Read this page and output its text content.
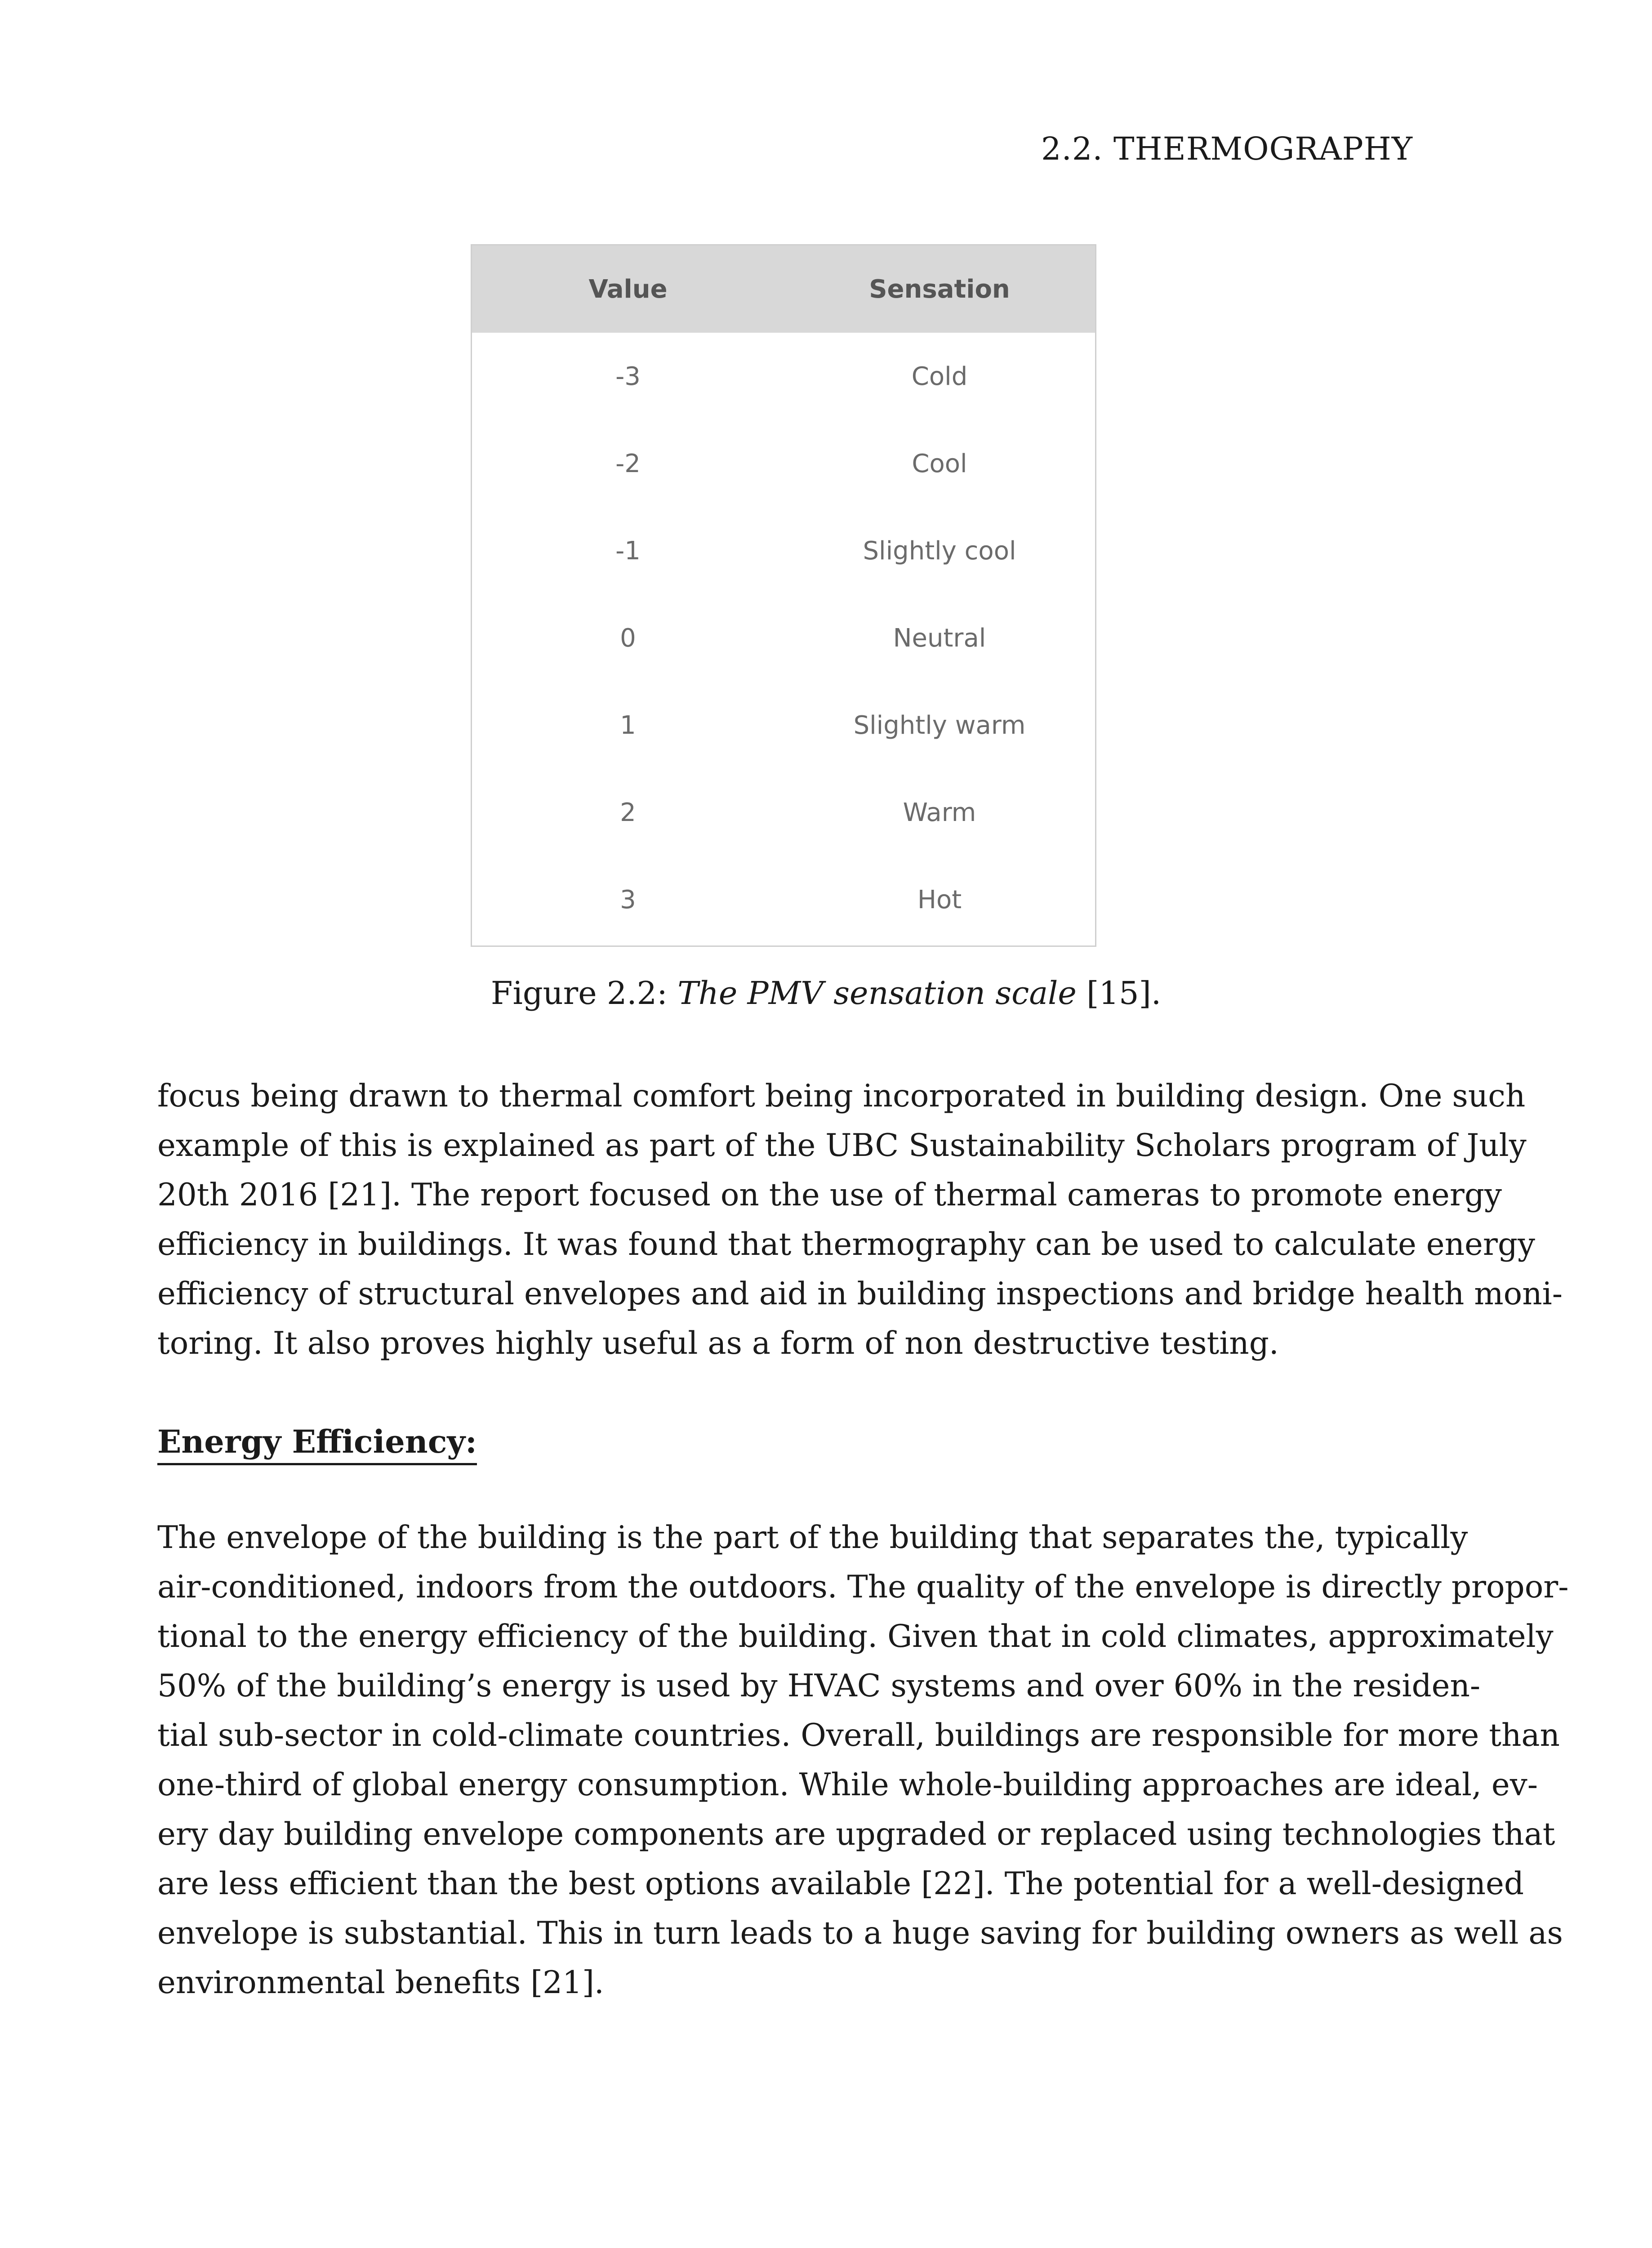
2.2. THERMOGRAPHY
Value	Sensation
-3	Cold
-2	Cool
-1	Slightly cool
0	Neutral
1	Slightly warm
2	Warm
3	Hot
Figure 2.2: The PMV sensation scale [15].
focus being drawn to thermal comfort being incorporated in building design. One such
example of this is explained as part of the UBC Sustainability Scholars program of July
20th 2016 [21]. The report focused on the use of thermal cameras to promote energy
efficiency in buildings. It was found that thermography can be used to calculate energy
efficiency of structural envelopes and aid in building inspections and bridge health moni-
toring. It also proves highly useful as a form of non destructive testing.
Energy Efficiency:
The envelope of the building is the part of the building that separates the, typically
air-conditioned, indoors from the outdoors. The quality of the envelope is directly propor-
tional to the energy efficiency of the building. Given that in cold climates, approximately
50% of the building’s energy is used by HVAC systems and over 60% in the residen-
tial sub-sector in cold-climate countries. Overall, buildings are responsible for more than
one-third of global energy consumption. While whole-building approaches are ideal, ev-
ery day building envelope components are upgraded or replaced using technologies that
are less efficient than the best options available [22]. The potential for a well-designed
envelope is substantial. This in turn leads to a huge saving for building owners as well as
environmental benefits [21].
